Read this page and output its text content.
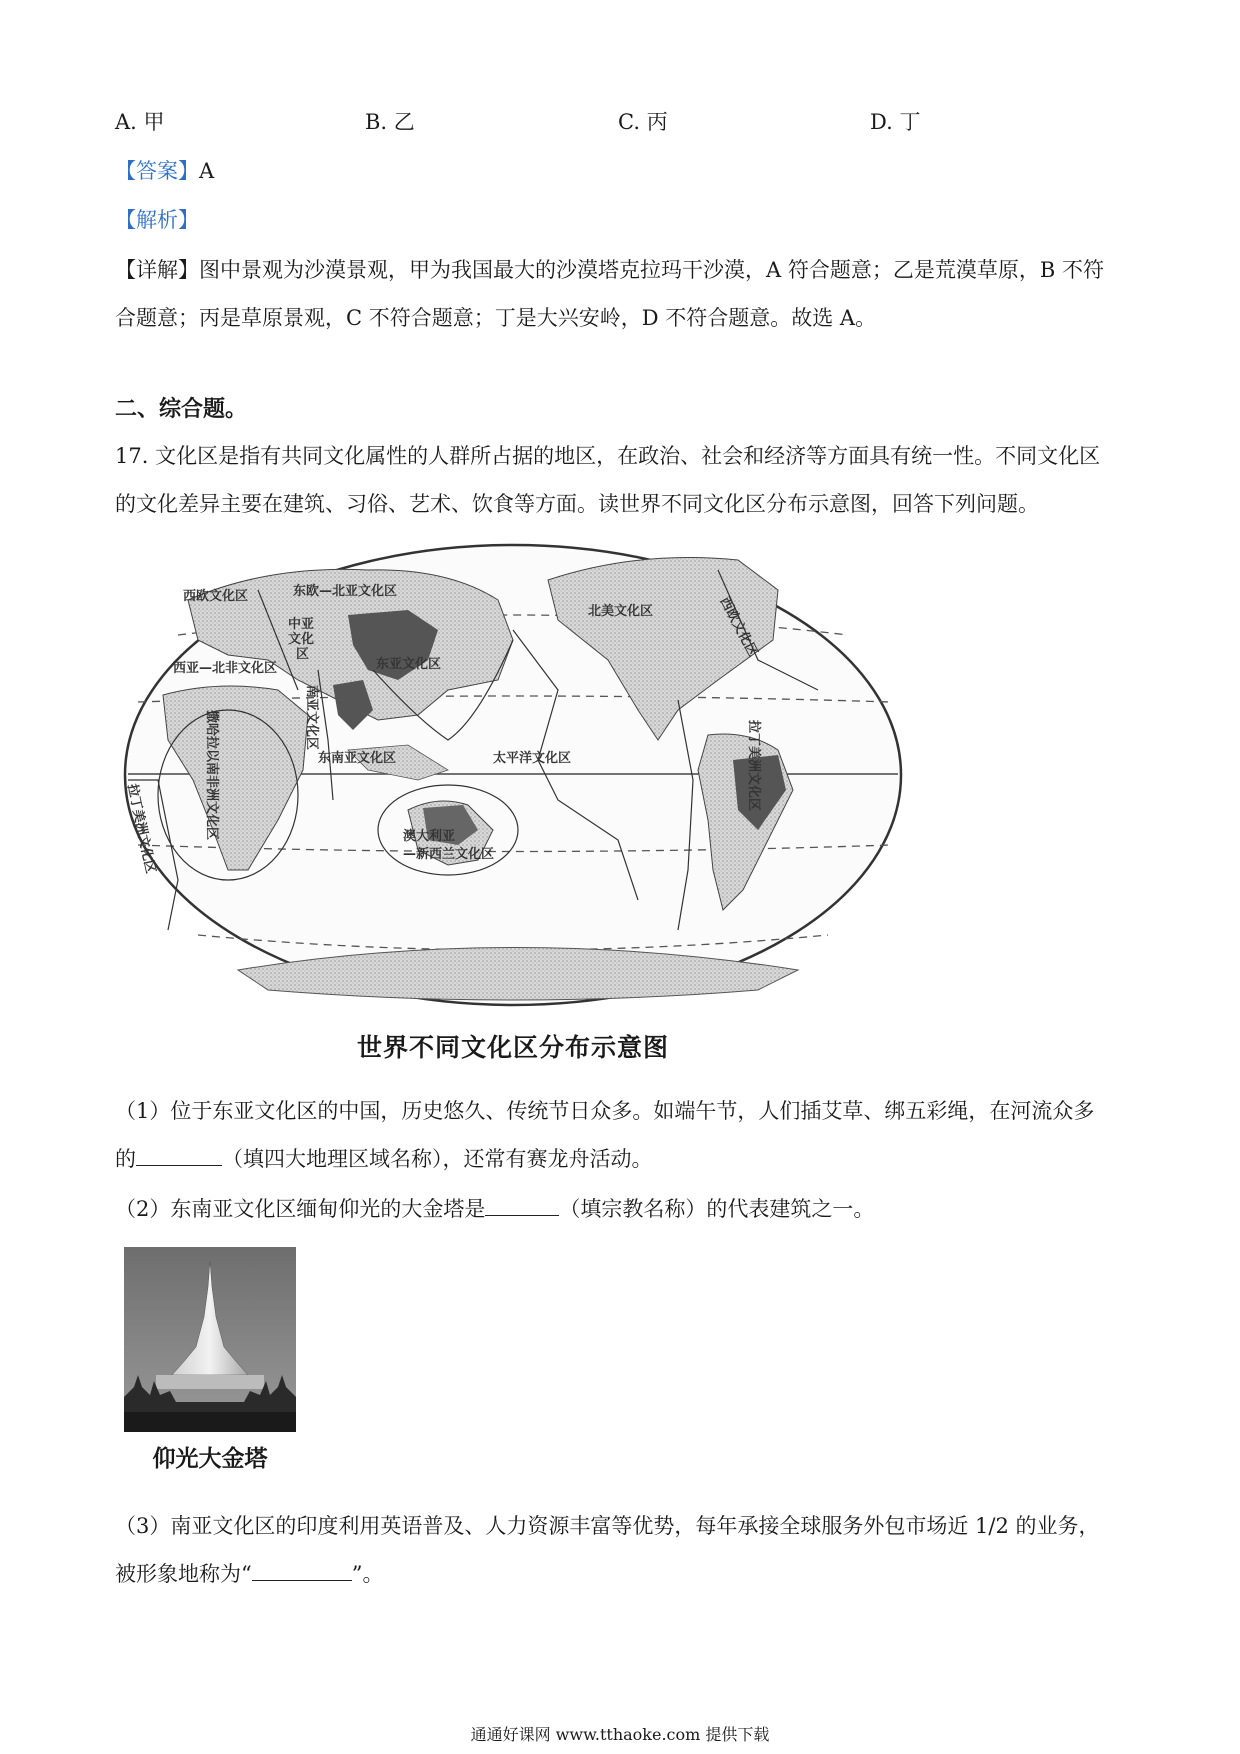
A. 甲	B. 乙	C. 丙	D. 丁
【答案】A
【解析】
【详解】图中景观为沙漠景观，甲为我国最大的沙漠塔克拉玛干沙漠，A 符合题意；乙是荒漠草原，B 不符
合题意；丙是草原景观，C 不符合题意；丁是大兴安岭，D 不符合题意。故选 A。
二、综合题。
17. 文化区是指有共同文化属性的人群所占据的地区，在政治、社会和经济等方面具有统一性。不同文化区
的文化差异主要在建筑、习俗、艺术、饮食等方面。读世界不同文化区分布示意图，回答下列问题。
西欧文化区	东欧—北亚文化区
中亚
文化
区
西亚—北非文化区	东亚文化区
南亚文化区
撒哈拉以南非洲文化区	东南亚文化区	太平洋文化区
北美文化区	西欧文化区
拉丁美洲文化区
拉丁美洲文化区	澳大利亚
—新西兰文化区
世界不同文化区分布示意图
（1）位于东亚文化区的中国，历史悠久、传统节日众多。如端午节，人们插艾草、绑五彩绳，在河流众多
的	（填四大地理区域名称），还常有赛龙舟活动。
（2）东南亚文化区缅甸仰光的大金塔是	（填宗教名称）的代表建筑之一。
仰光大金塔
（3）南亚文化区的印度利用英语普及、人力资源丰富等优势，每年承接全球服务外包市场近 1/2 的业务，
被形象地称为“	”。
通通好课网 www.tthaoke.com 提供下载
